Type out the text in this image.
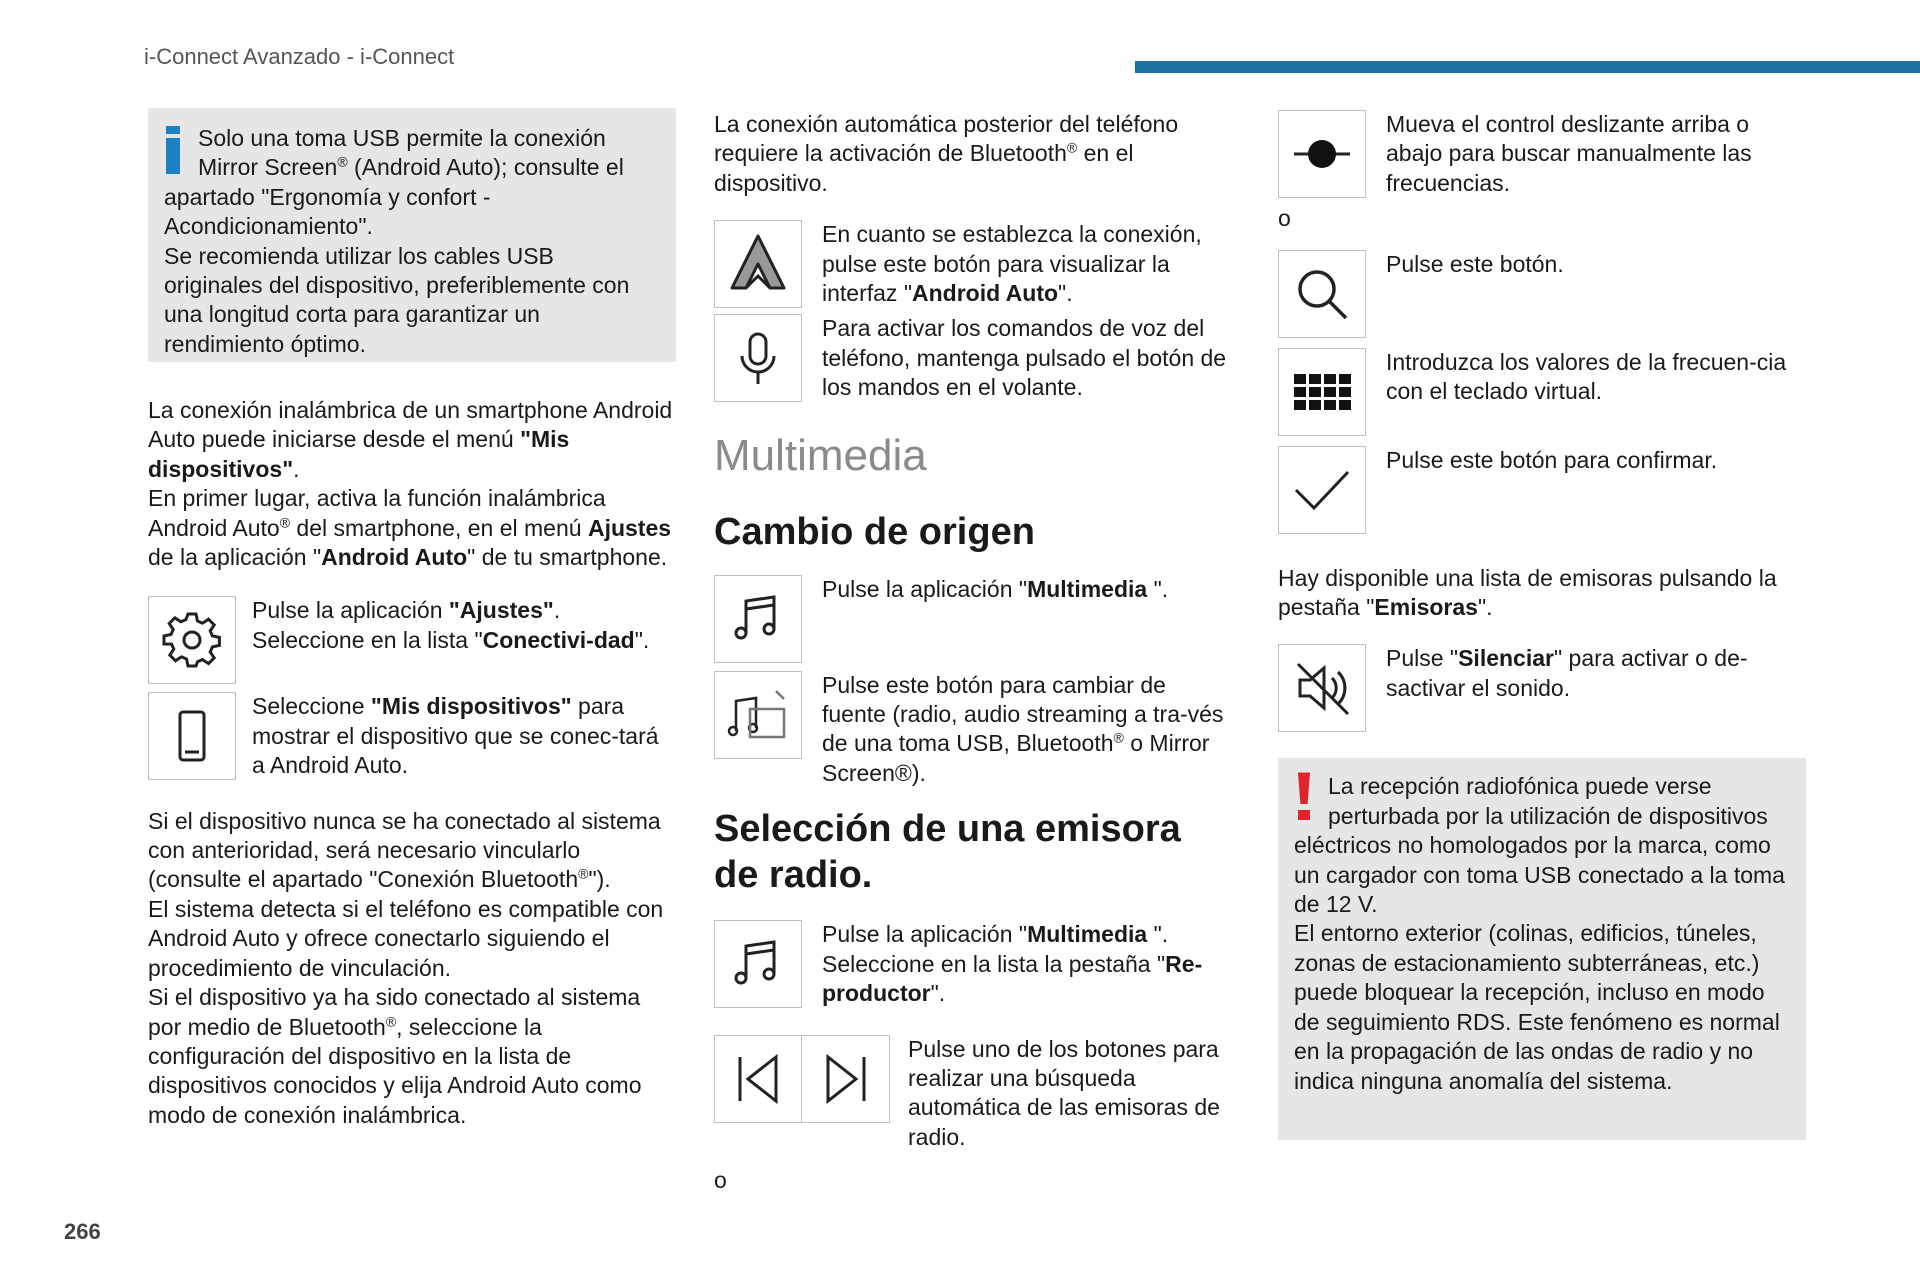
i-Connect Avanzado - i-Connect

Solo una toma USB permite la conexión
Mirror Screen® (Android Auto); consulte el apartado "Ergonomía y confort - Acondicionamiento".
Se recomienda utilizar los cables USB originales del dispositivo, preferiblemente con una longitud corta para garantizar un rendimiento óptimo.

La conexión inalámbrica de un smartphone Android Auto puede iniciarse desde el menú "Mis dispositivos".
En primer lugar, activa la función inalámbrica Android Auto® del smartphone, en el menú Ajustes de la aplicación "Android Auto" de tu smartphone.

Pulse la aplicación "Ajustes".
Seleccione en la lista "Conectivi-dad".

Seleccione "Mis dispositivos" para mostrar el dispositivo que se conec-tará a Android Auto.

Si el dispositivo nunca se ha conectado al sistema con anterioridad, será necesario vincularlo (consulte el apartado "Conexión Bluetooth®").
El sistema detecta si el teléfono es compatible con Android Auto y ofrece conectarlo siguiendo el procedimiento de vinculación.
Si el dispositivo ya ha sido conectado al sistema por medio de Bluetooth®, seleccione la configuración del dispositivo en la lista de dispositivos conocidos y elija Android Auto como modo de conexión inalámbrica.

La conexión automática posterior del teléfono requiere la activación de Bluetooth® en el dispositivo.

En cuanto se establezca la conexión, pulse este botón para visualizar la interfaz "Android Auto".

Para activar los comandos de voz del teléfono, mantenga pulsado el botón de los mandos en el volante.

Multimedia
Cambio de origen

Pulse la aplicación "Multimedia ".

Pulse este botón para cambiar de fuente (radio, audio streaming a tra-vés de una toma USB, Bluetooth® o Mirror Screen®).

Selección de una emisora de radio.

Pulse la aplicación "Multimedia ".
Seleccione en la lista la pestaña "Re-productor".

Pulse uno de los botones para realizar una búsqueda automática de las emisoras de radio.

o

Mueva el control deslizante arriba o abajo para buscar manualmente las frecuencias.

o

Pulse este botón.

Introduzca los valores de la frecuen-cia con el teclado virtual.

Pulse este botón para confirmar.

Hay disponible una lista de emisoras pulsando la pestaña "Emisoras".

Pulse "Silenciar" para activar o de-sactivar el sonido.

La recepción radiofónica puede verse perturbada por la utilización de dispositivos eléctricos no homologados por la marca, como un cargador con toma USB conectado a la toma de 12 V.
El entorno exterior (colinas, edificios, túneles, zonas de estacionamiento subterráneas, etc.) puede bloquear la recepción, incluso en modo de seguimiento RDS. Este fenómeno es normal en la propagación de las ondas de radio y no indica ninguna anomalía del sistema.

266
